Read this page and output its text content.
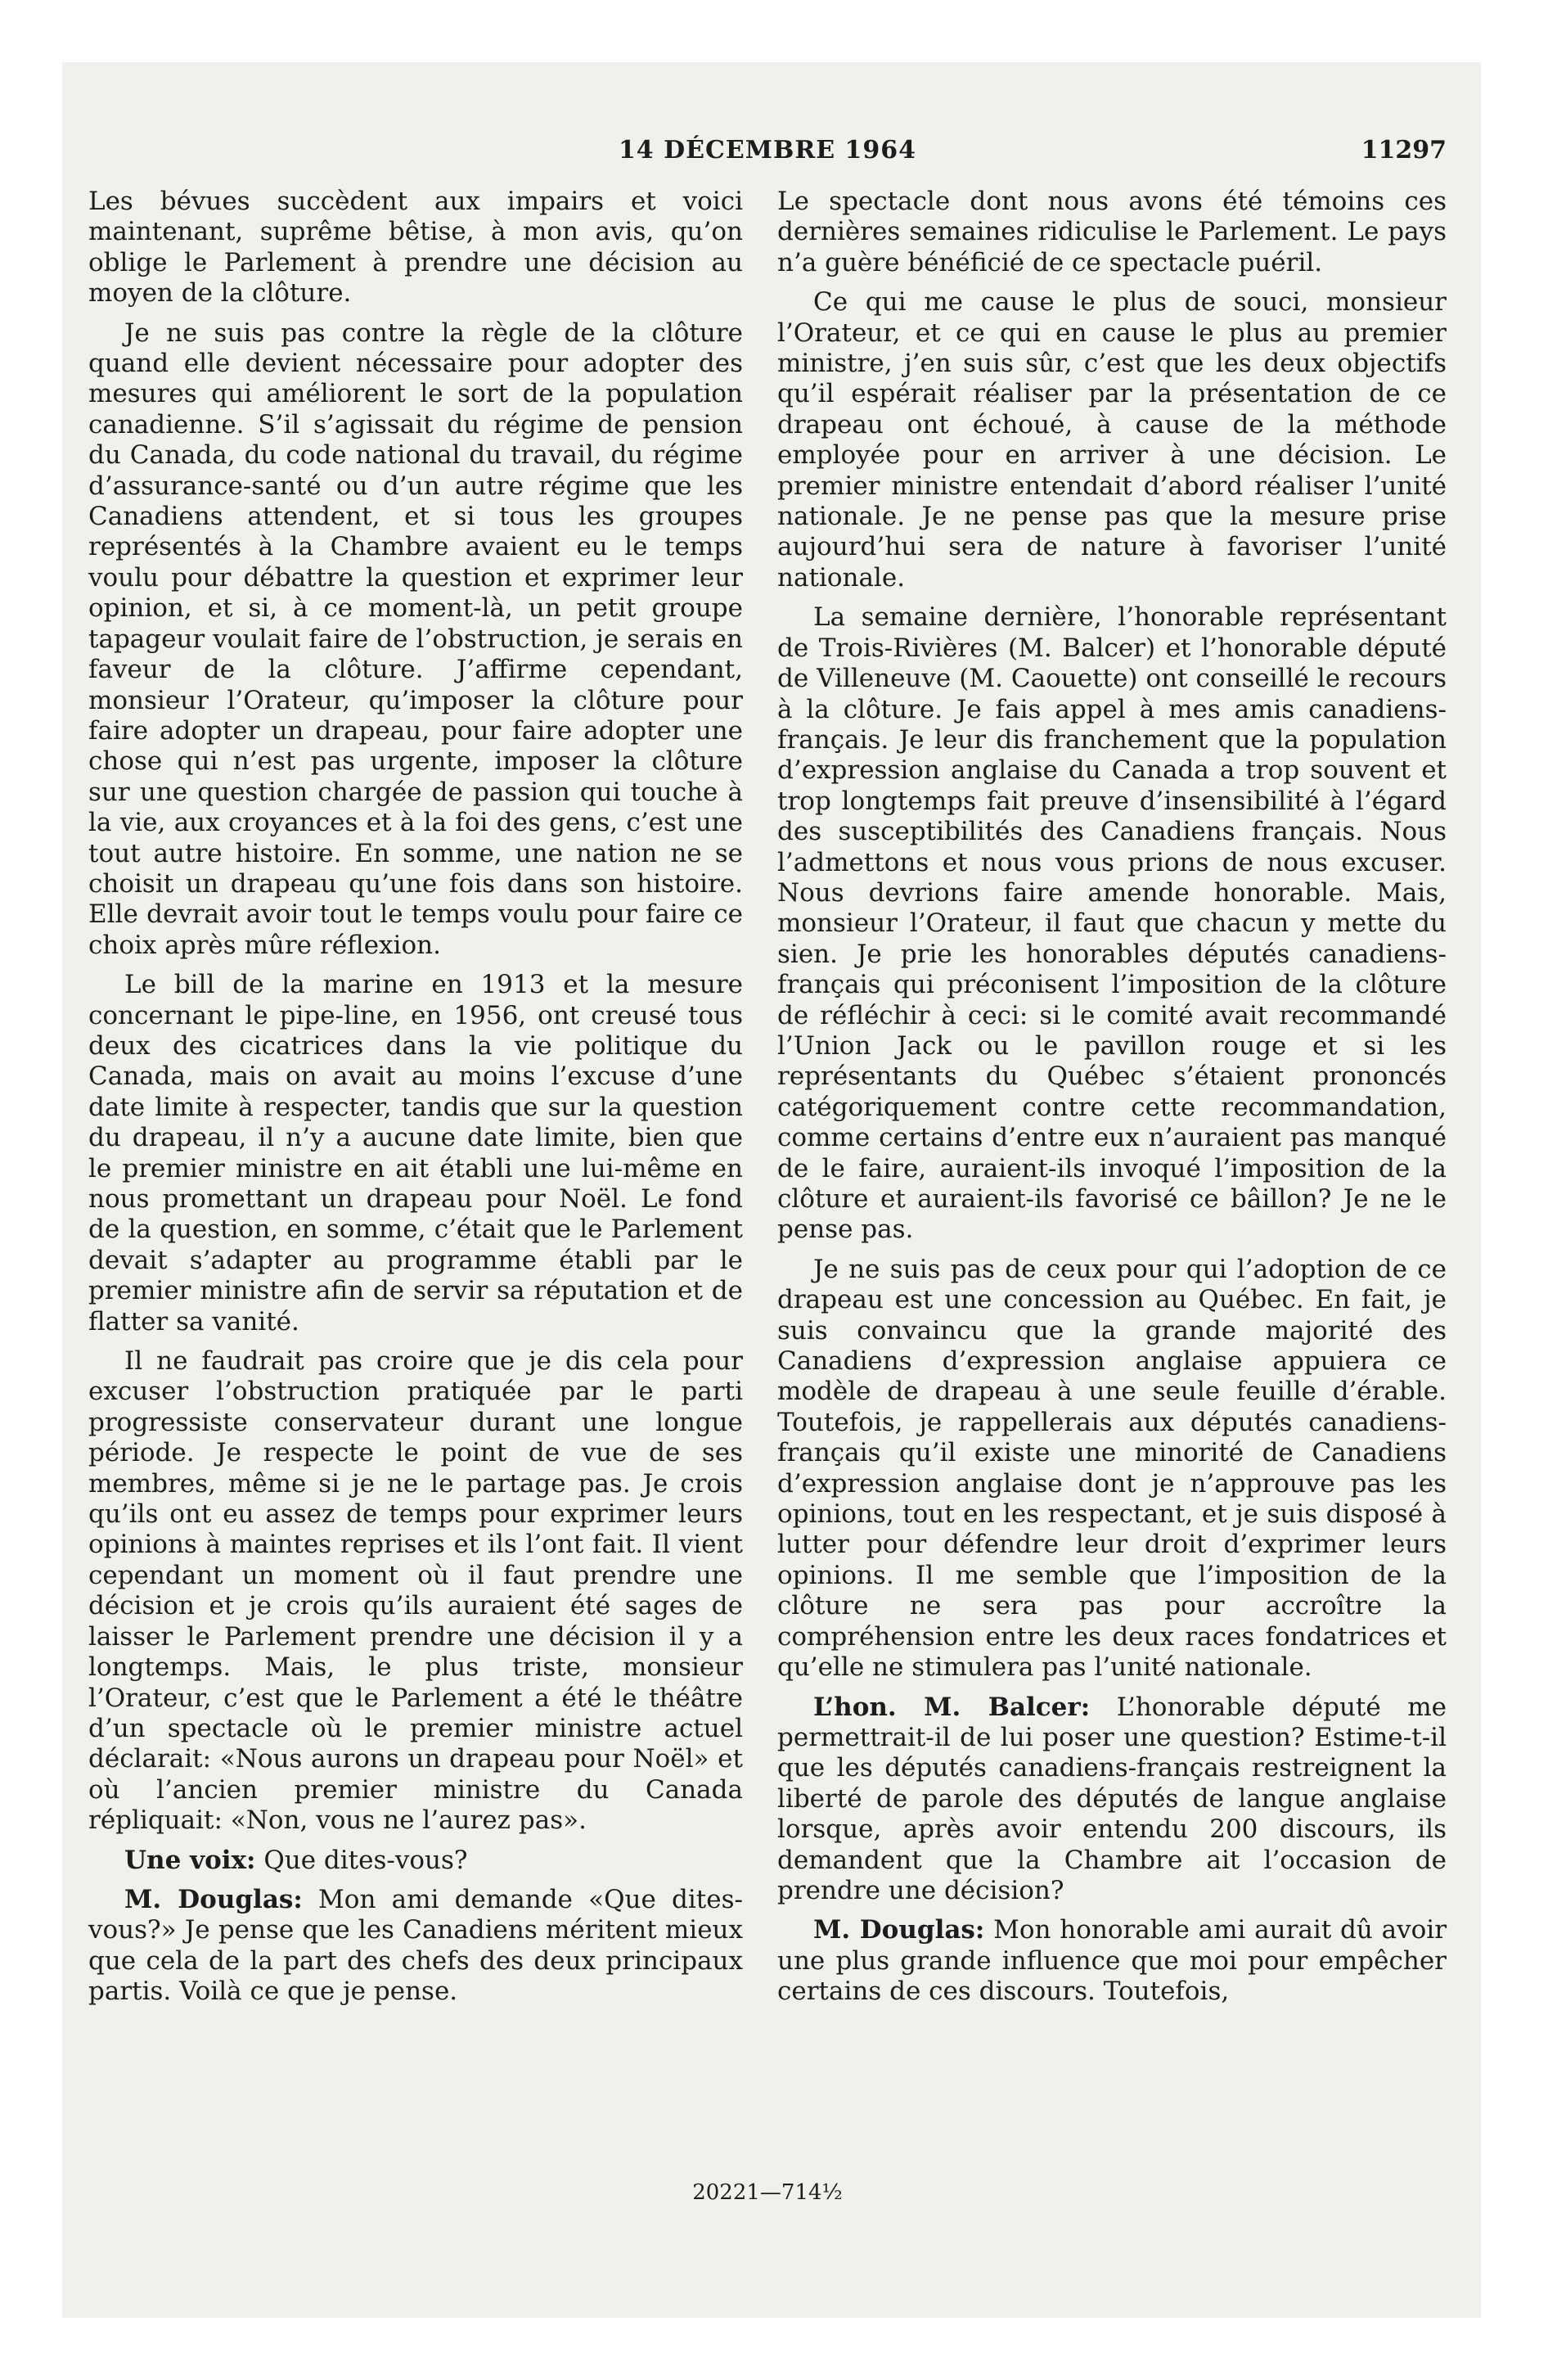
14 DÉCEMBRE 1964	11297

Les bévues succèdent aux impairs et voici maintenant, suprême bêtise, à mon avis, qu’on oblige le Parlement à prendre une décision au moyen de la clôture.

Je ne suis pas contre la règle de la clôture quand elle devient nécessaire pour adopter des mesures qui améliorent le sort de la population canadienne. S’il s’agissait du régime de pension du Canada, du code national du travail, du régime d’assurance-santé ou d’un autre régime que les Canadiens attendent, et si tous les groupes représentés à la Chambre avaient eu le temps voulu pour débattre la question et exprimer leur opinion, et si, à ce moment-là, un petit groupe tapageur voulait faire de l’obstruction, je serais en faveur de la clôture. J’affirme cependant, monsieur l’Orateur, qu’imposer la clôture pour faire adopter un drapeau, pour faire adopter une chose qui n’est pas urgente, imposer la clôture sur une question chargée de passion qui touche à la vie, aux croyances et à la foi des gens, c’est une tout autre histoire. En somme, une nation ne se choisit un drapeau qu’une fois dans son histoire. Elle devrait avoir tout le temps voulu pour faire ce choix après mûre réflexion.

Le bill de la marine en 1913 et la mesure concernant le pipe-line, en 1956, ont creusé tous deux des cicatrices dans la vie politique du Canada, mais on avait au moins l’excuse d’une date limite à respecter, tandis que sur la question du drapeau, il n’y a aucune date limite, bien que le premier ministre en ait établi une lui-même en nous promettant un drapeau pour Noël. Le fond de la question, en somme, c’était que le Parlement devait s’adapter au programme établi par le premier ministre afin de servir sa réputation et de flatter sa vanité.

Il ne faudrait pas croire que je dis cela pour excuser l’obstruction pratiquée par le parti progressiste conservateur durant une longue période. Je respecte le point de vue de ses membres, même si je ne le partage pas. Je crois qu’ils ont eu assez de temps pour exprimer leurs opinions à maintes reprises et ils l’ont fait. Il vient cependant un moment où il faut prendre une décision et je crois qu’ils auraient été sages de laisser le Parlement prendre une décision il y a longtemps. Mais, le plus triste, monsieur l’Orateur, c’est que le Parlement a été le théâtre d’un spectacle où le premier ministre actuel déclarait: «Nous aurons un drapeau pour Noël» et où l’ancien premier ministre du Canada répliquait: «Non, vous ne l’aurez pas».

Une voix: Que dites-vous?

M. Douglas: Mon ami demande «Que dites-vous?» Je pense que les Canadiens méritent mieux que cela de la part des chefs des deux principaux partis. Voilà ce que je pense.

Le spectacle dont nous avons été témoins ces dernières semaines ridiculise le Parlement. Le pays n’a guère bénéficié de ce spectacle puéril.

Ce qui me cause le plus de souci, monsieur l’Orateur, et ce qui en cause le plus au premier ministre, j’en suis sûr, c’est que les deux objectifs qu’il espérait réaliser par la présentation de ce drapeau ont échoué, à cause de la méthode employée pour en arriver à une décision. Le premier ministre entendait d’abord réaliser l’unité nationale. Je ne pense pas que la mesure prise aujourd’hui sera de nature à favoriser l’unité nationale.

La semaine dernière, l’honorable représentant de Trois-Rivières (M. Balcer) et l’honorable député de Villeneuve (M. Caouette) ont conseillé le recours à la clôture. Je fais appel à mes amis canadiens-français. Je leur dis franchement que la population d’expression anglaise du Canada a trop souvent et trop longtemps fait preuve d’insensibilité à l’égard des susceptibilités des Canadiens français. Nous l’admettons et nous vous prions de nous excuser. Nous devrions faire amende honorable. Mais, monsieur l’Orateur, il faut que chacun y mette du sien. Je prie les honorables députés canadiens-français qui préconisent l’imposition de la clôture de réfléchir à ceci: si le comité avait recommandé l’Union Jack ou le pavillon rouge et si les représentants du Québec s’étaient prononcés catégoriquement contre cette recommandation, comme certains d’entre eux n’auraient pas manqué de le faire, auraient-ils invoqué l’imposition de la clôture et auraient-ils favorisé ce bâillon? Je ne le pense pas.

Je ne suis pas de ceux pour qui l’adoption de ce drapeau est une concession au Québec. En fait, je suis convaincu que la grande majorité des Canadiens d’expression anglaise appuiera ce modèle de drapeau à une seule feuille d’érable. Toutefois, je rappellerais aux députés canadiens-français qu’il existe une minorité de Canadiens d’expression anglaise dont je n’approuve pas les opinions, tout en les respectant, et je suis disposé à lutter pour défendre leur droit d’exprimer leurs opinions. Il me semble que l’imposition de la clôture ne sera pas pour accroître la compréhension entre les deux races fondatrices et qu’elle ne stimulera pas l’unité nationale.

L’hon. M. Balcer: L’honorable député me permettrait-il de lui poser une question? Estime-t-il que les députés canadiens-français restreignent la liberté de parole des députés de langue anglaise lorsque, après avoir entendu 200 discours, ils demandent que la Chambre ait l’occasion de prendre une décision?

M. Douglas: Mon honorable ami aurait dû avoir une plus grande influence que moi pour empêcher certains de ces discours. Toutefois,

20221—714½
